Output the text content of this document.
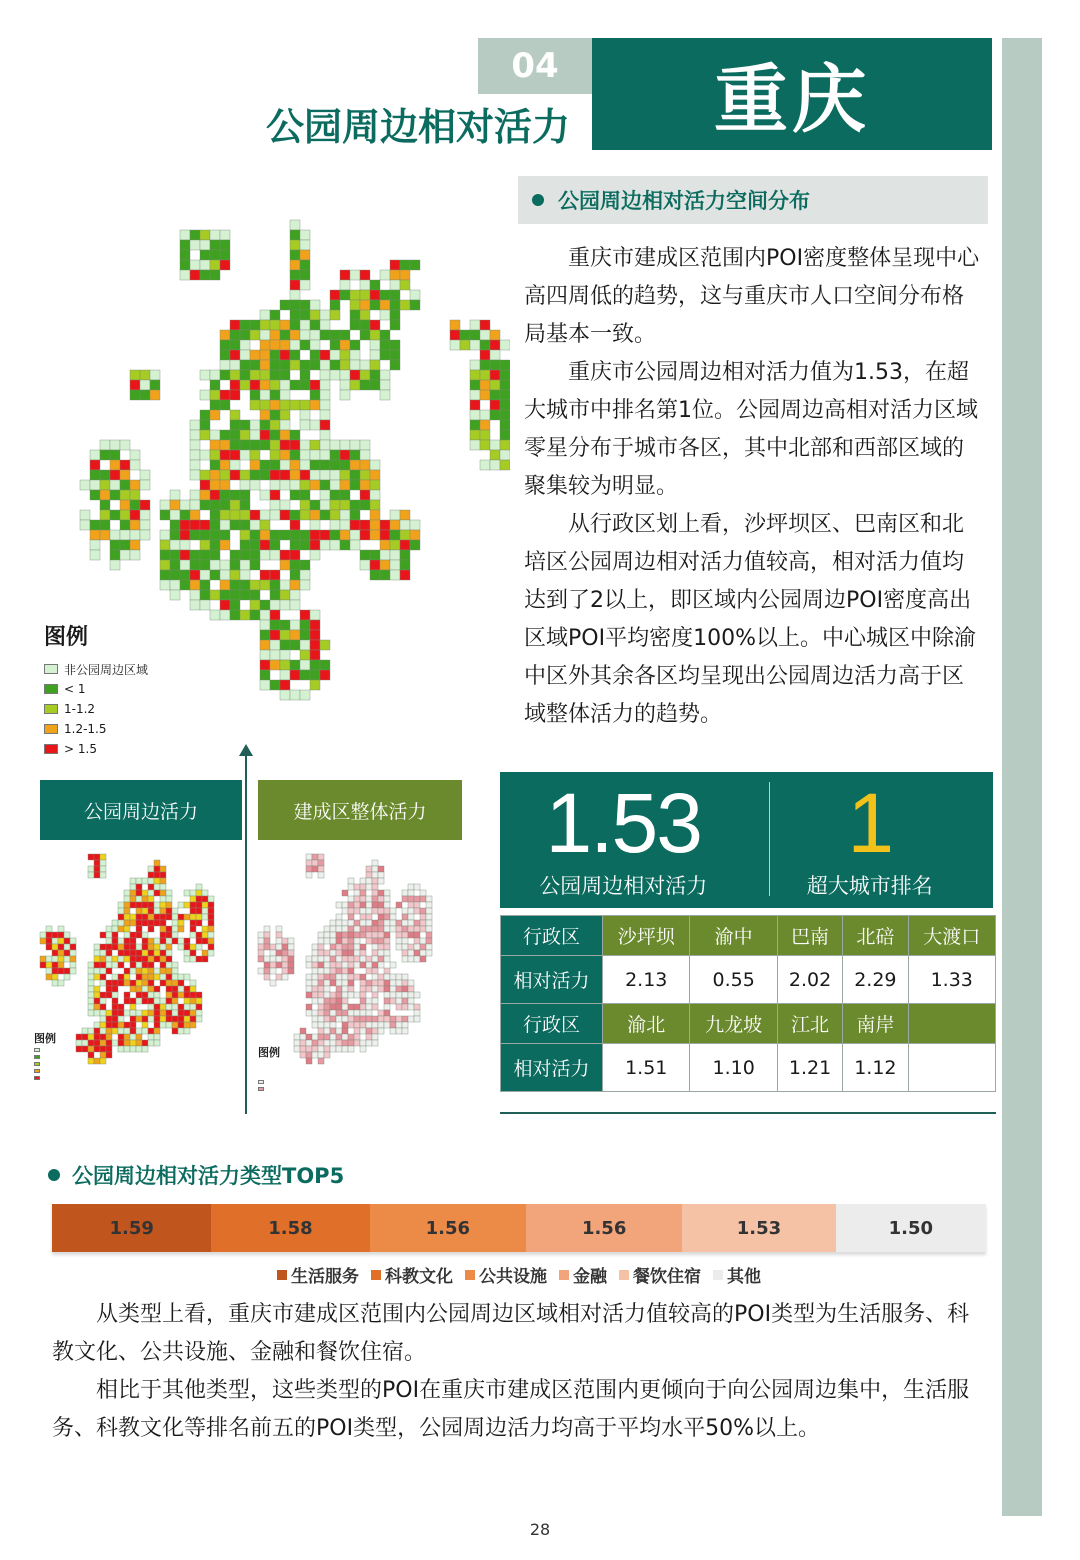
04
公园周边相对活力	重庆
公园周边相对活力空间分布

重庆市建成区范围内POI密度整体呈现中心高四周低的趋势，这与重庆市人口空间分布格局基本一致。

重庆市公园周边相对活力值为1.53，在超大城市中排名第1位。公园周边高相对活力区域零星分布于城市各区，其中北部和西部区域的聚集较为明显。

从行政区划上看，沙坪坝区、巴南区和北培区公园周边相对活力值较高，相对活力值均达到了2以上，即区域内公园周边POI密度高出区域POI平均密度100%以上。中心城区中除渝中区外其余各区均呈现出公园周边活力高于区域整体活力的趋势。

图例
非公园周边区域
< 1
1-1.2
1.2-1.5
> 1.5
公园周边活力	建成区整体活力
图例
图例
1.53
公园周边相对活力
1
超大城市排名
行政区	沙坪坝	渝中	巴南	北碚	大渡口
相对活力	2.13	0.55	2.02	2.29	1.33
行政区	渝北	九龙坡	江北	南岸	
相对活力	1.51	1.10	1.21	1.12	
公园周边相对活力类型TOP5
1.59	1.58	1.56	1.56	1.53	1.50
生活服务 科教文化 公共设施 金融 餐饮住宿 其他

从类型上看，重庆市建成区范围内公园周边区域相对活力值较高的POI类型为生活服务、科教文化、公共设施、金融和餐饮住宿。

相比于其他类型，这些类型的POI在重庆市建成区范围内更倾向于向公园周边集中，生活服务、科教文化等排名前五的POI类型，公园周边活力均高于平均水平50%以上。

28
